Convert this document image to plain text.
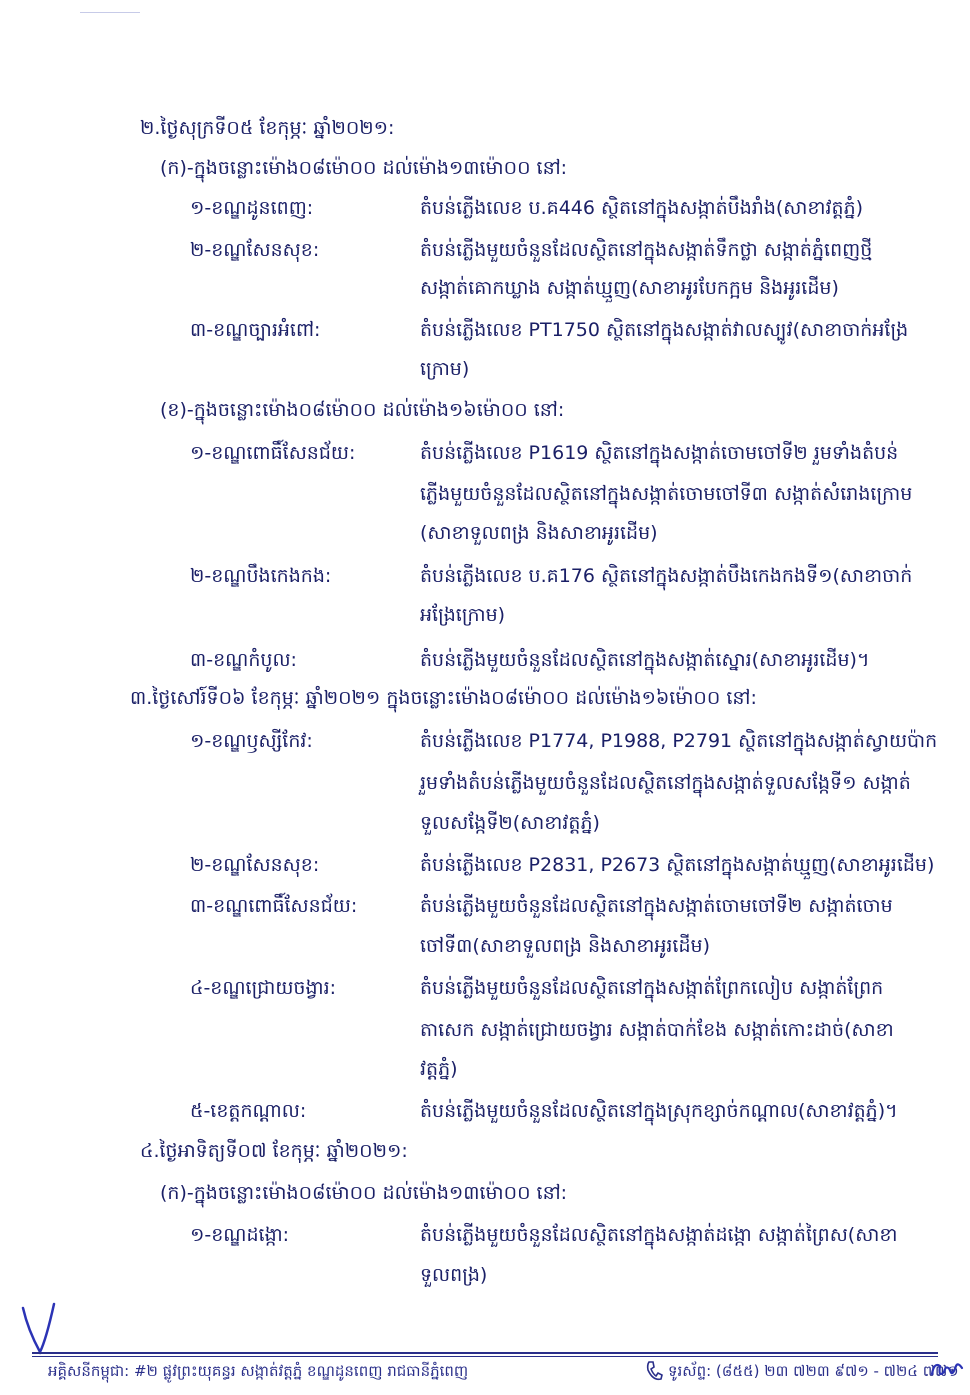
២.ថ្ងៃសុក្រទី០៥ ខែកុម្ភៈ ឆ្នាំ២០២១:
(ក)-ក្នុងចន្លោះម៉ោង០៨ម៉ោ០០ ដល់ម៉ោង១៣ម៉ោ០០ នៅ:
១-ខណ្ឌដូនពេញ:	តំបន់ភ្លើងលេខ ប.គ446 ស្ថិតនៅក្នុងសង្កាត់បឹងរាំង(សាខាវត្តភ្នំ)
២-ខណ្ឌសែនសុខ:	តំបន់ភ្លើងមួយចំនួនដែលស្ថិតនៅក្នុងសង្កាត់ទឹកថ្លា សង្កាត់ភ្នំពេញថ្មី
សង្កាត់គោកឃ្លាង សង្កាត់ឃ្មួញ(សាខាអូរបែកក្អម និងអូរដើម)
៣-ខណ្ឌច្បារអំពៅ:	តំបន់ភ្លើងលេខ PT1750 ស្ថិតនៅក្នុងសង្កាត់វាលស្បូវ(សាខាចាក់អង្រែ
ក្រោម)
(ខ)-ក្នុងចន្លោះម៉ោង០៨ម៉ោ០០ ដល់ម៉ោង១៦ម៉ោ០០ នៅ:
១-ខណ្ឌពោធិ៍សែនជ័យ:	តំបន់ភ្លើងលេខ P1619 ស្ថិតនៅក្នុងសង្កាត់ចោមចៅទី២ រួមទាំងតំបន់
ភ្លើងមួយចំនួនដែលស្ថិតនៅក្នុងសង្កាត់ចោមចៅទី៣ សង្កាត់សំរោងក្រោម
(សាខាទួលពង្រ និងសាខាអូរដើម)
២-ខណ្ឌបឹងកេងកង:	តំបន់ភ្លើងលេខ ប.គ176 ស្ថិតនៅក្នុងសង្កាត់បឹងកេងកងទី១(សាខាចាក់
អង្រែក្រោម)
៣-ខណ្ឌកំបូល:	តំបន់ភ្លើងមួយចំនួនដែលស្ថិតនៅក្នុងសង្កាត់ស្នោរ(សាខាអូរដើម)។
៣.ថ្ងៃសៅរ៍ទី០៦ ខែកុម្ភៈ ឆ្នាំ២០២១ ក្នុងចន្លោះម៉ោង០៨ម៉ោ០០ ដល់ម៉ោង១៦ម៉ោ០០ នៅ:
១-ខណ្ឌឫស្សីកែវ:	តំបន់ភ្លើងលេខ P1774, P1988, P2791 ស្ថិតនៅក្នុងសង្កាត់ស្វាយប៉ាក
រួមទាំងតំបន់ភ្លើងមួយចំនួនដែលស្ថិតនៅក្នុងសង្កាត់ទួលសង្កែទី១ សង្កាត់
ទួលសង្កែទី២(សាខាវត្តភ្នំ)
២-ខណ្ឌសែនសុខ:	តំបន់ភ្លើងលេខ P2831, P2673 ស្ថិតនៅក្នុងសង្កាត់ឃ្មួញ(សាខាអូរដើម)
៣-ខណ្ឌពោធិ៍សែនជ័យ:	តំបន់ភ្លើងមួយចំនួនដែលស្ថិតនៅក្នុងសង្កាត់ចោមចៅទី២ សង្កាត់ចោម
ចៅទី៣(សាខាទួលពង្រ និងសាខាអូរដើម)
៤-ខណ្ឌជ្រោយចង្វារ:	តំបន់ភ្លើងមួយចំនួនដែលស្ថិតនៅក្នុងសង្កាត់ព្រែកលៀប សង្កាត់ព្រែក
តាសេក សង្កាត់ជ្រោយចង្វារ សង្កាត់បាក់ខែង សង្កាត់កោះដាច់(សាខា
វត្តភ្នំ)
៥-ខេត្តកណ្ដាល:	តំបន់ភ្លើងមួយចំនួនដែលស្ថិតនៅក្នុងស្រុកខ្សាច់កណ្ដាល(សាខាវត្តភ្នំ)។
៤.ថ្ងៃអាទិត្យទី០៧ ខែកុម្ភៈ ឆ្នាំ២០២១:
(ក)-ក្នុងចន្លោះម៉ោង០៨ម៉ោ០០ ដល់ម៉ោង១៣ម៉ោ០០ នៅ:
១-ខណ្ឌដង្កោ:	តំបន់ភ្លើងមួយចំនួនដែលស្ថិតនៅក្នុងសង្កាត់ដង្កោ សង្កាត់ព្រៃស(សាខា
ទួលពង្រ)
អគ្គិសនីកម្ពុជា: #២ ផ្លូវព្រះយុគន្ធរ សង្កាត់វត្តភ្នំ ខណ្ឌដូនពេញ រាជធានីភ្នំពេញ	ទូរស័ព្ទ: (៨៥៥) ២៣ ៧២៣ ៩៧១ - ៧២៤ ៧៧១
